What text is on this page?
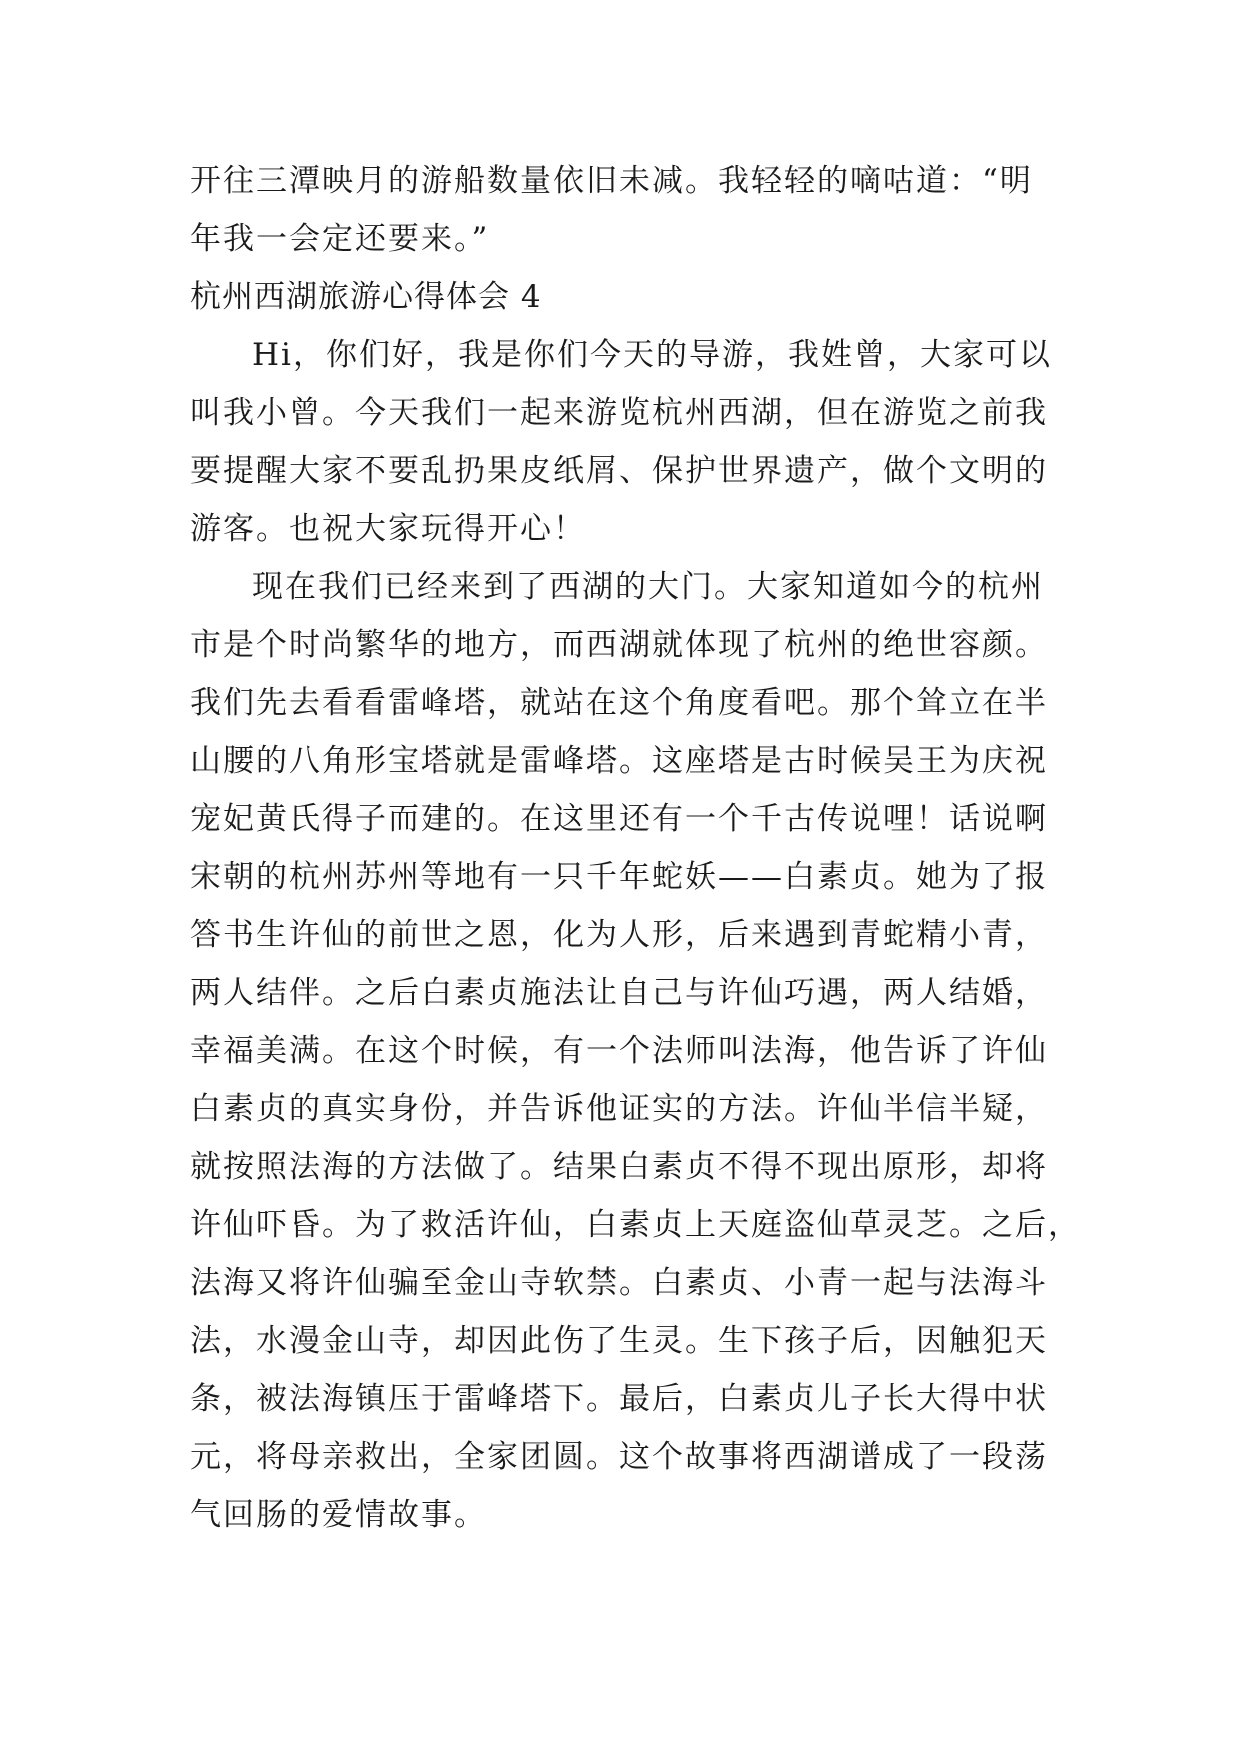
开往三潭映月的游船数量依旧未减。我轻轻的嘀咕道：“明
年我一会定还要来。”
杭州西湖旅游心得体会 4
Hi，你们好，我是你们今天的导游，我姓曾，大家可以
叫我小曾。今天我们一起来游览杭州西湖，但在游览之前我
要提醒大家不要乱扔果皮纸屑、保护世界遗产，做个文明的
游客。也祝大家玩得开心！
现在我们已经来到了西湖的大门。大家知道如今的杭州
市是个时尚繁华的地方，而西湖就体现了杭州的绝世容颜。
我们先去看看雷峰塔，就站在这个角度看吧。那个耸立在半
山腰的八角形宝塔就是雷峰塔。这座塔是古时候吴王为庆祝
宠妃黄氏得子而建的。在这里还有一个千古传说哩！话说啊
宋朝的杭州苏州等地有一只千年蛇妖——白素贞。她为了报
答书生许仙的前世之恩，化为人形，后来遇到青蛇精小青，
两人结伴。之后白素贞施法让自己与许仙巧遇，两人结婚，
幸福美满。在这个时候，有一个法师叫法海，他告诉了许仙
白素贞的真实身份，并告诉他证实的方法。许仙半信半疑，
就按照法海的方法做了。结果白素贞不得不现出原形，却将
许仙吓昏。为了救活许仙，白素贞上天庭盗仙草灵芝。之后，
法海又将许仙骗至金山寺软禁。白素贞、小青一起与法海斗
法，水漫金山寺，却因此伤了生灵。生下孩子后，因触犯天
条，被法海镇压于雷峰塔下。最后，白素贞儿子长大得中状
元，将母亲救出，全家团圆。这个故事将西湖谱成了一段荡
气回肠的爱情故事。
